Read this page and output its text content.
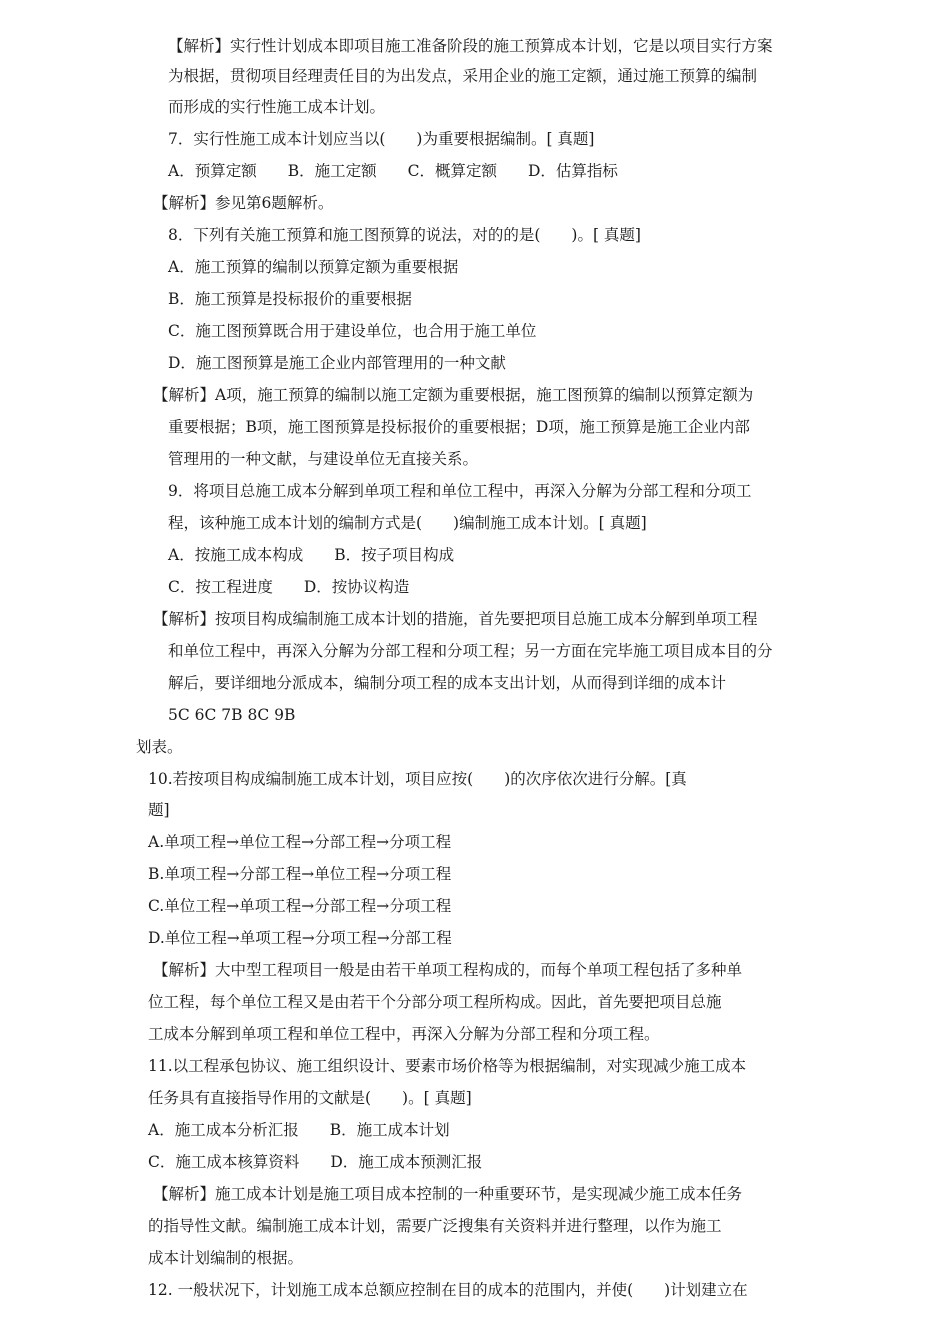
【解析】实行性计划成本即项目施工准备阶段的施工预算成本计划，它是以项目实行方案
为根据，贯彻项目经理责任目的为出发点，采用企业的施工定额，通过施工预算的编制
而形成的实行性施工成本计划。
7．实行性施工成本计划应当以(　　)为重要根据编制。[ 真题]
A．预算定额　　B．施工定额　　C．概算定额　　D．估算指标
【解析】参见第6题解析。
8．下列有关施工预算和施工图预算的说法，对的的是(　　)。[ 真题]
A．施工预算的编制以预算定额为重要根据
B．施工预算是投标报价的重要根据
C．施工图预算既合用于建设单位，也合用于施工单位
D．施工图预算是施工企业内部管理用的一种文献
【解析】A项，施工预算的编制以施工定额为重要根据，施工图预算的编制以预算定额为
重要根据；B项，施工图预算是投标报价的重要根据；D项，施工预算是施工企业内部
管理用的一种文献，与建设单位无直接关系。
9．将项目总施工成本分解到单项工程和单位工程中，再深入分解为分部工程和分项工
程，该种施工成本计划的编制方式是(　　)编制施工成本计划。[ 真题]
A．按施工成本构成　　B．按子项目构成
C．按工程进度　　D．按协议构造
【解析】按项目构成编制施工成本计划的措施，首先要把项目总施工成本分解到单项工程
和单位工程中，再深入分解为分部工程和分项工程；另一方面在完毕施工项目成本目的分
解后，要详细地分派成本，编制分项工程的成本支出计划，从而得到详细的成本计
5C 6C 7B 8C 9B
划表。
10.若按项目构成编制施工成本计划，项目应按(　　)的次序依次进行分解。[真
题]
A.单项工程→单位工程→分部工程→分项工程
B.单项工程→分部工程→单位工程→分项工程
C.单位工程→单项工程→分部工程→分项工程
D.单位工程→单项工程→分项工程→分部工程
【解析】大中型工程项目一般是由若干单项工程构成的，而每个单项工程包括了多种单
位工程，每个单位工程又是由若干个分部分项工程所构成。因此，首先要把项目总施
工成本分解到单项工程和单位工程中，再深入分解为分部工程和分项工程。
11.以工程承包协议、施工组织设计、要素市场价格等为根据编制，对实现减少施工成本
任务具有直接指导作用的文献是(　　)。[ 真题]
A．施工成本分析汇报　　B．施工成本计划
C．施工成本核算资料　　D．施工成本预测汇报
【解析】施工成本计划是施工项目成本控制的一种重要环节，是实现减少施工成本任务
的指导性文献。编制施工成本计划，需要广泛搜集有关资料并进行整理，以作为施工
成本计划编制的根据。
12. 一般状况下，计划施工成本总额应控制在目的成本的范围内，并使(　　)计划建立在
